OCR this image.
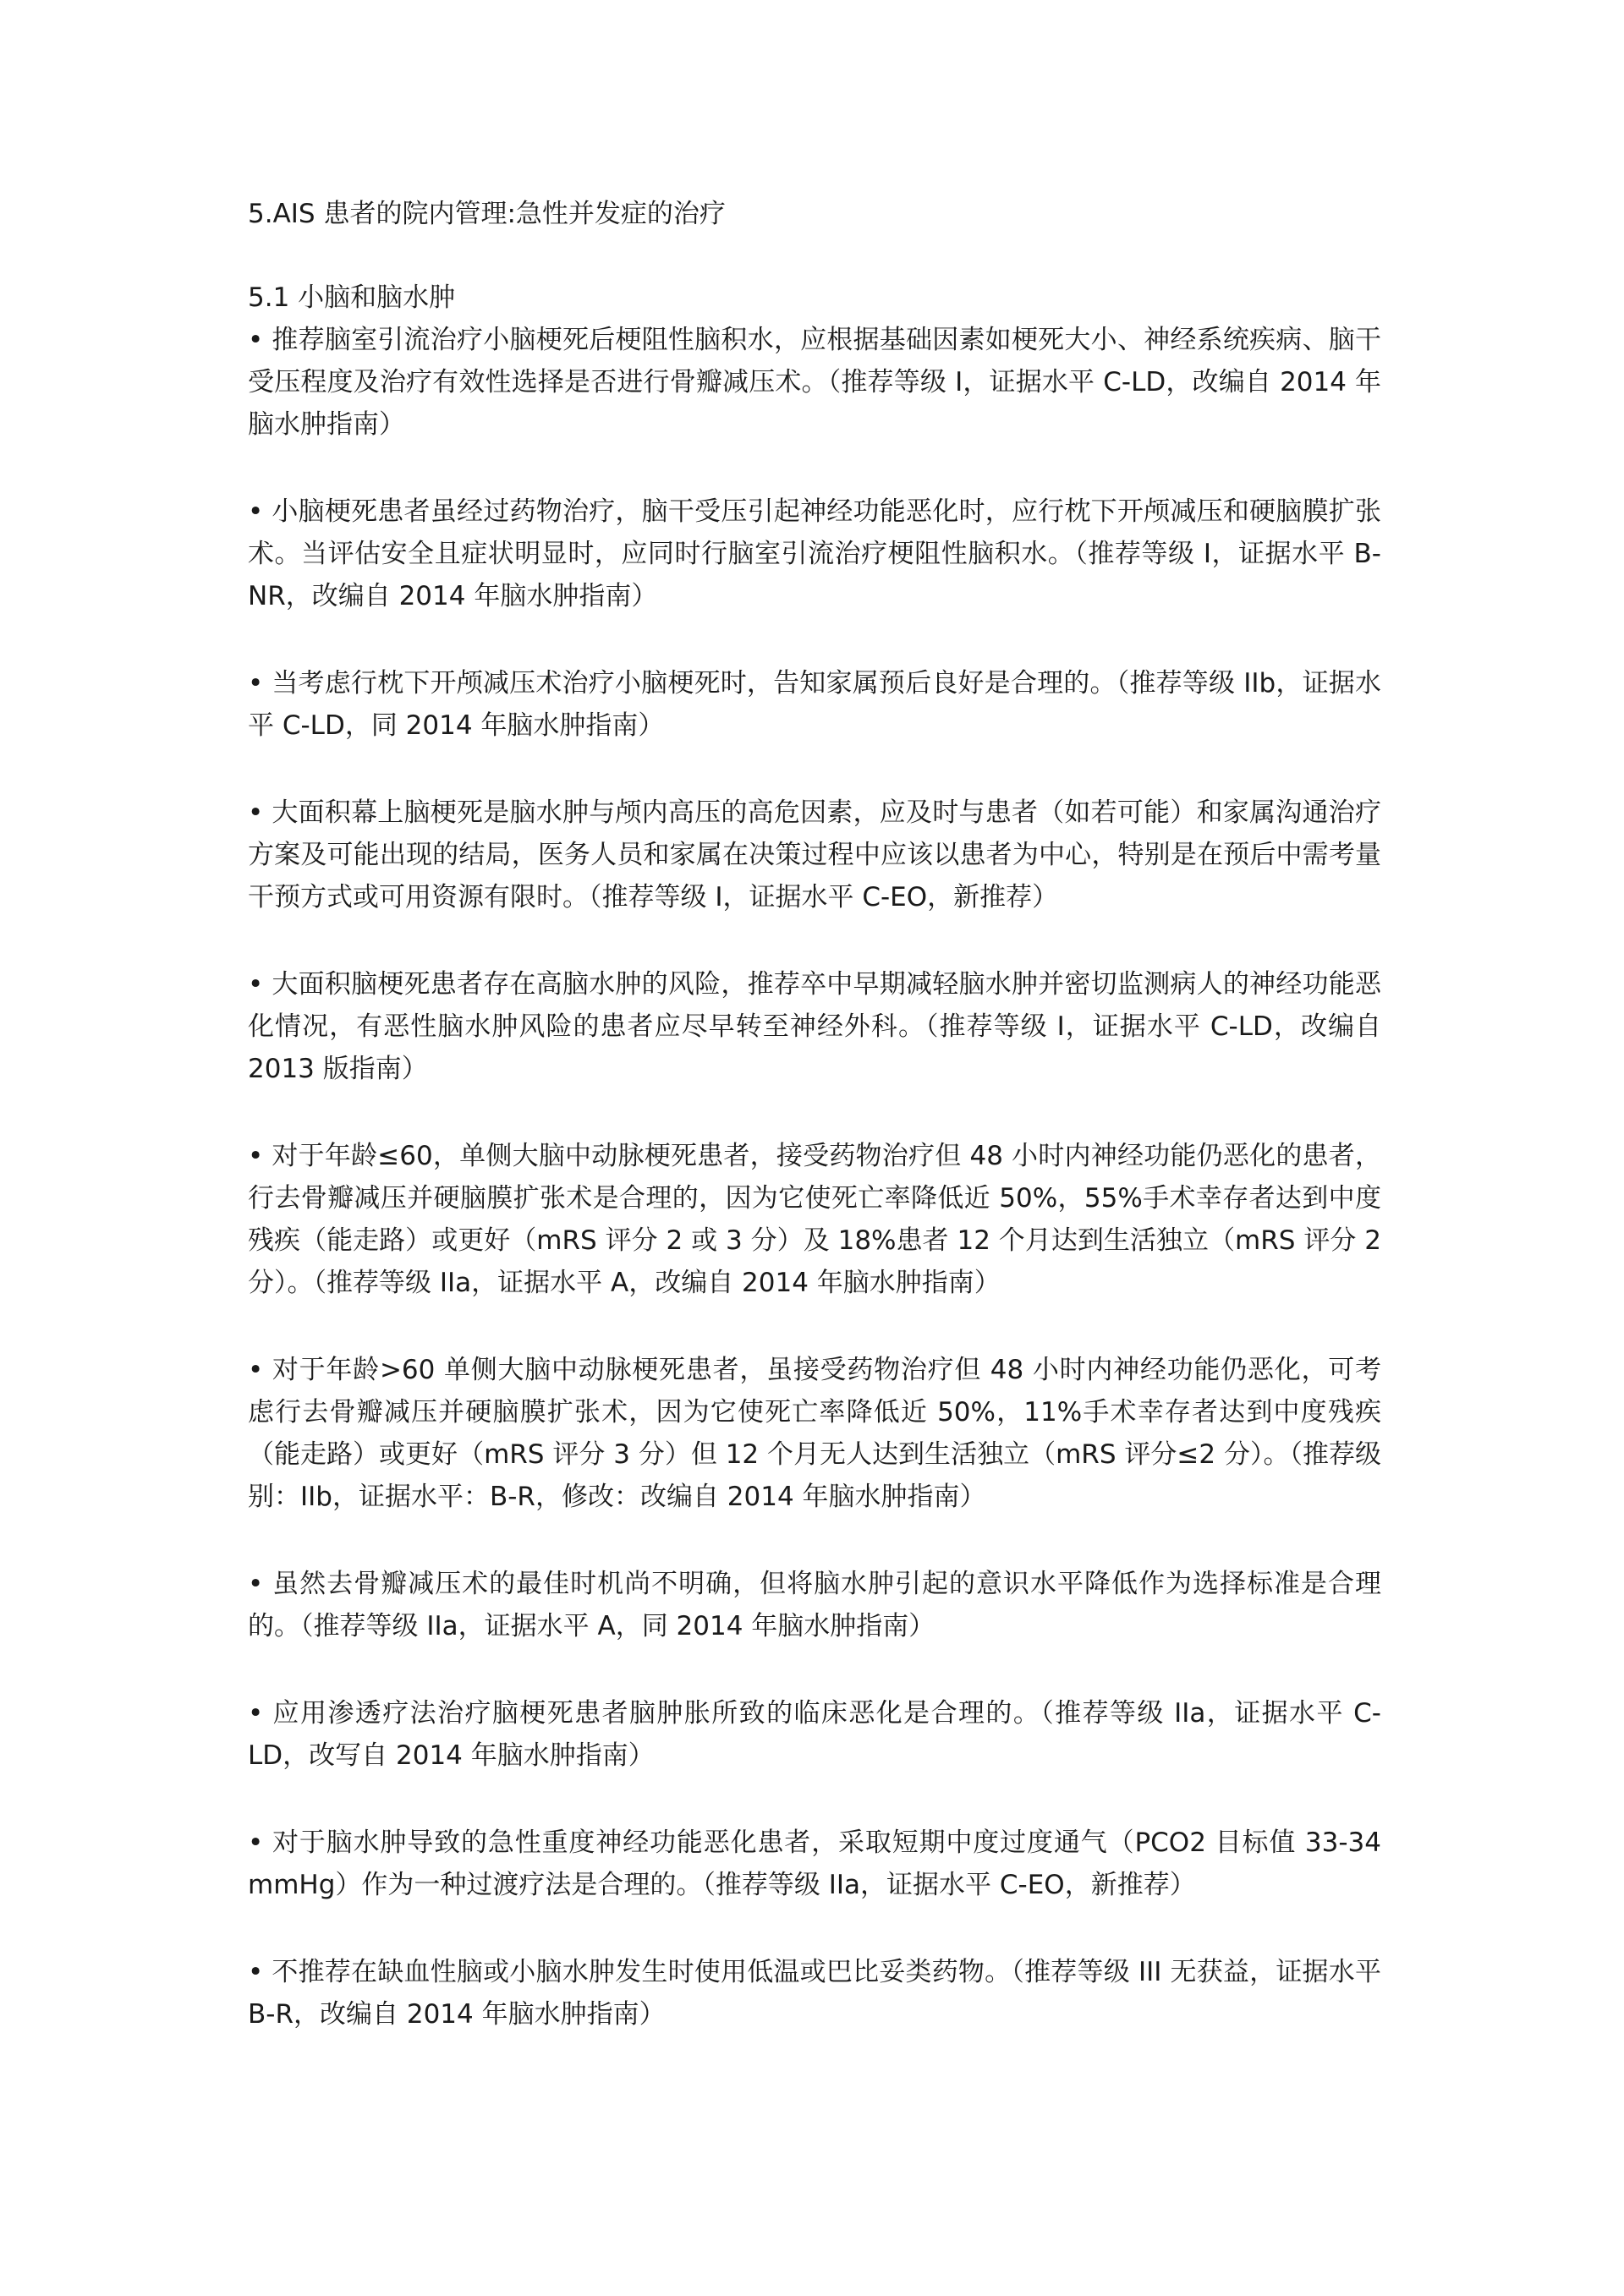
5.AIS 患者的院内管理:急性并发症的治疗

5.1 小脑和脑水肿

• 推荐脑室引流治疗小脑梗死后梗阻性脑积水，应根据基础因素如梗死大小、神经系统疾病、脑干受压程度及治疗有效性选择是否进行骨瓣减压术。（推荐等级 I，证据水平 C-LD，改编自 2014 年脑水肿指南）

• 小脑梗死患者虽经过药物治疗，脑干受压引起神经功能恶化时，应行枕下开颅减压和硬脑膜扩张术。当评估安全且症状明显时，应同时行脑室引流治疗梗阻性脑积水。（推荐等级 I，证据水平 B-NR，改编自 2014 年脑水肿指南）

• 当考虑行枕下开颅减压术治疗小脑梗死时，告知家属预后良好是合理的。（推荐等级 IIb，证据水平 C-LD，同 2014 年脑水肿指南）

• 大面积幕上脑梗死是脑水肿与颅内高压的高危因素，应及时与患者（如若可能）和家属沟通治疗方案及可能出现的结局，医务人员和家属在决策过程中应该以患者为中心，特别是在预后中需考量干预方式或可用资源有限时。（推荐等级 I，证据水平 C-EO，新推荐）

• 大面积脑梗死患者存在高脑水肿的风险，推荐卒中早期减轻脑水肿并密切监测病人的神经功能恶化情况，有恶性脑水肿风险的患者应尽早转至神经外科。（推荐等级 I，证据水平 C-LD，改编自 2013 版指南）

• 对于年龄≤60，单侧大脑中动脉梗死患者，接受药物治疗但 48 小时内神经功能仍恶化的患者，行去骨瓣减压并硬脑膜扩张术是合理的，因为它使死亡率降低近 50%，55%手术幸存者达到中度残疾（能走路）或更好（mRS 评分 2 或 3 分）及 18%患者 12 个月达到生活独立（mRS 评分 2 分）。（推荐等级 IIa，证据水平 A，改编自 2014 年脑水肿指南）

• 对于年龄>60 单侧大脑中动脉梗死患者，虽接受药物治疗但 48 小时内神经功能仍恶化，可考虑行去骨瓣减压并硬脑膜扩张术，因为它使死亡率降低近 50%，11%手术幸存者达到中度残疾（能走路）或更好（mRS 评分 3 分）但 12 个月无人达到生活独立（mRS 评分≤2 分）。（推荐级别：IIb，证据水平：B-R，修改：改编自 2014 年脑水肿指南）

• 虽然去骨瓣减压术的最佳时机尚不明确，但将脑水肿引起的意识水平降低作为选择标准是合理的。（推荐等级 IIa，证据水平 A，同 2014 年脑水肿指南）

• 应用渗透疗法治疗脑梗死患者脑肿胀所致的临床恶化是合理的。（推荐等级 IIa，证据水平 C-LD，改写自 2014 年脑水肿指南）

• 对于脑水肿导致的急性重度神经功能恶化患者，采取短期中度过度通气（PCO2 目标值 33-34 mmHg）作为一种过渡疗法是合理的。（推荐等级 IIa，证据水平 C-EO，新推荐）

• 不推荐在缺血性脑或小脑水肿发生时使用低温或巴比妥类药物。（推荐等级 III 无获益，证据水平 B-R，改编自 2014 年脑水肿指南）
